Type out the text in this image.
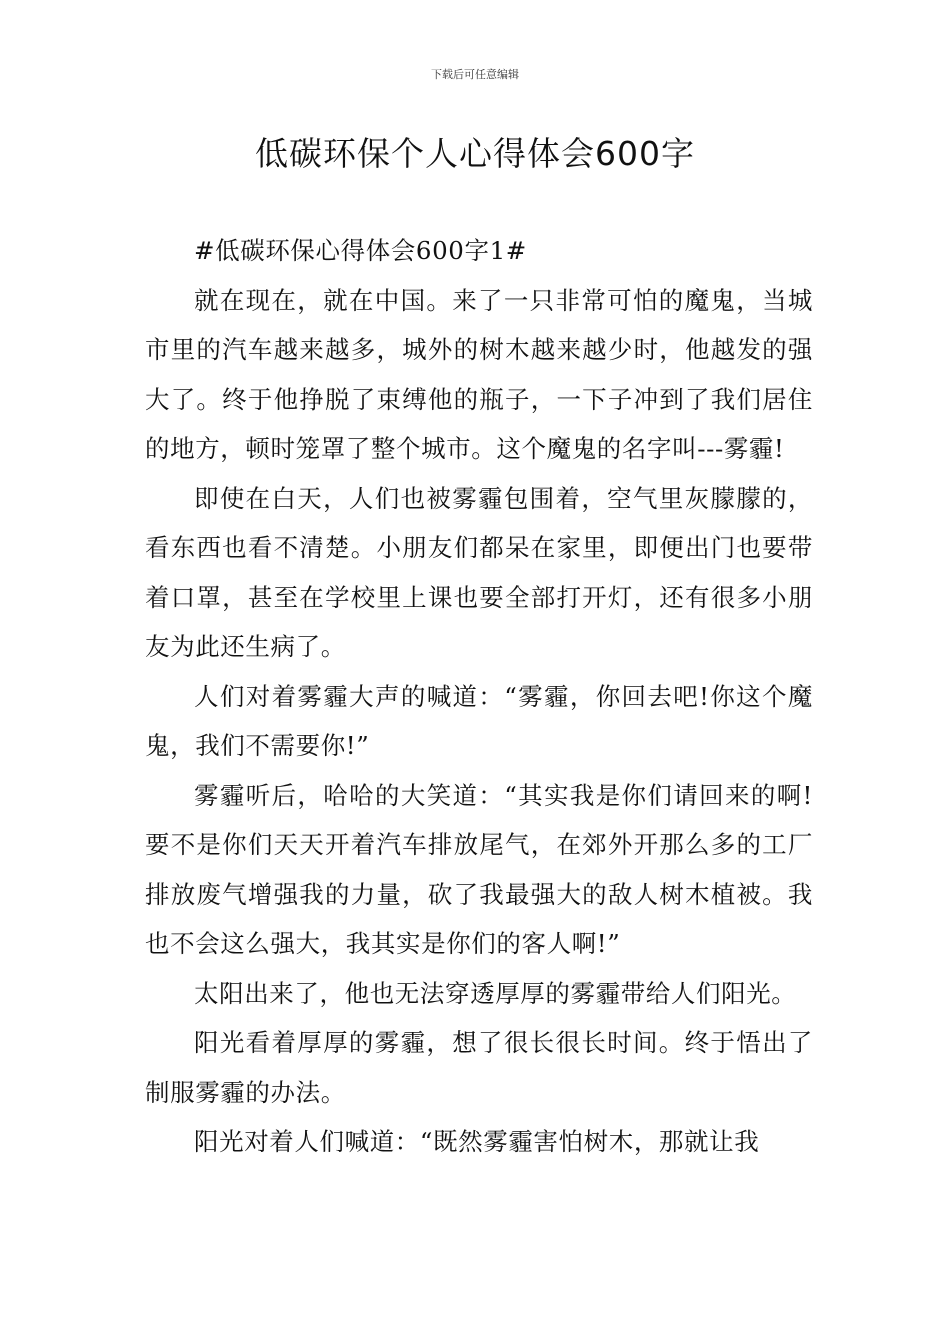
下载后可任意编辑
低碳环保个人心得体会600字

#低碳环保心得体会600字1#

就在现在，就在中国。来了一只非常可怕的魔鬼，当城市里的汽车越来越多，城外的树木越来越少时，他越发的强大了。终于他挣脱了束缚他的瓶子，一下子冲到了我们居住的地方，顿时笼罩了整个城市。这个魔鬼的名字叫---雾霾!

即使在白天，人们也被雾霾包围着，空气里灰朦朦的，看东西也看不清楚。小朋友们都呆在家里，即便出门也要带着口罩，甚至在学校里上课也要全部打开灯，还有很多小朋友为此还生病了。

人们对着雾霾大声的喊道：“雾霾，你回去吧!你这个魔鬼，我们不需要你!”

雾霾听后，哈哈的大笑道：“其实我是你们请回来的啊!要不是你们天天开着汽车排放尾气，在郊外开那么多的工厂排放废气增强我的力量，砍了我最强大的敌人树木植被。我也不会这么强大，我其实是你们的客人啊!”

太阳出来了，他也无法穿透厚厚的雾霾带给人们阳光。

阳光看着厚厚的雾霾，想了很长很长时间。终于悟出了制服雾霾的办法。

阳光对着人们喊道：“既然雾霾害怕树木，那就让我
